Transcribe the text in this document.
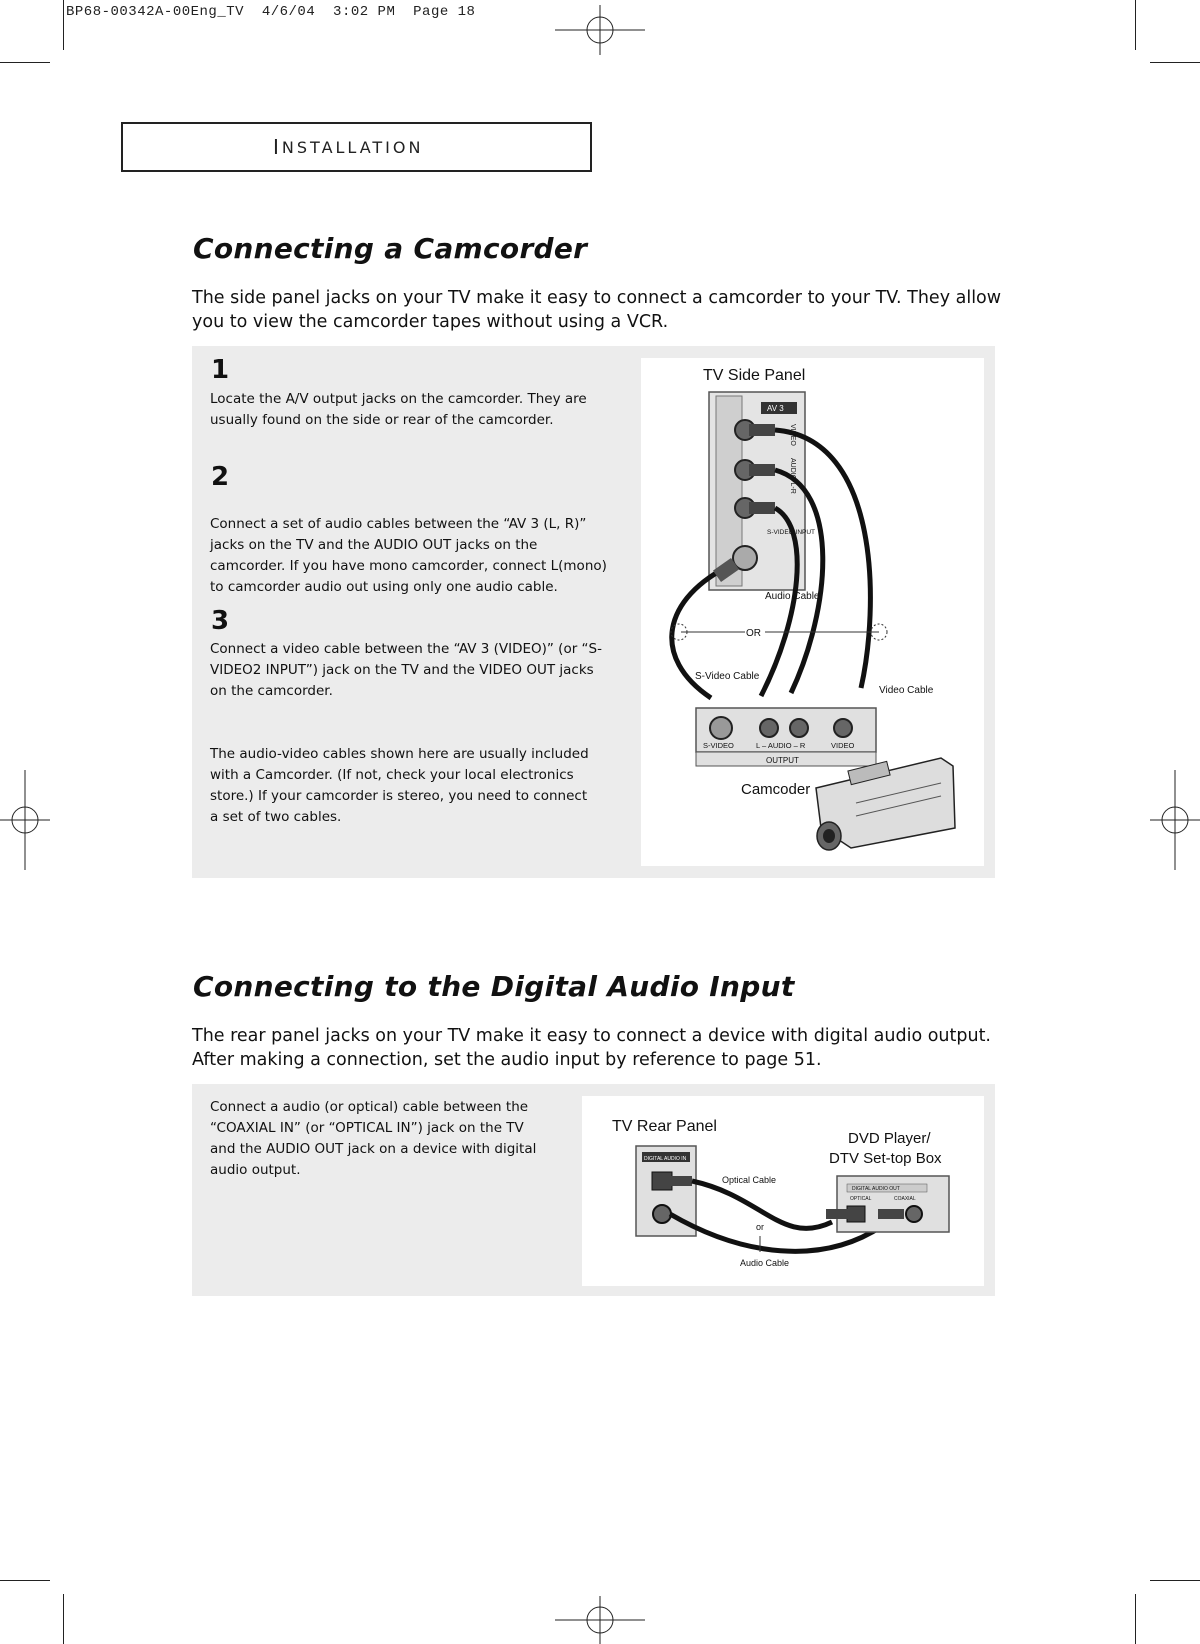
BP68-00342A-00Eng_TV  4/6/04  3:02 PM  Page 18
I NSTALLATION
Connecting a Camcorder

The side panel jacks on your TV make it easy to connect a camcorder to your TV. They allow you to view the camcorder tapes without using a VCR.

1

Locate the A/V output jacks on the camcorder. They are usually found on the side or rear of the camcorder.

2

Connect a set of audio cables between the “AV 3 (L, R)” jacks on the TV and the AUDIO OUT jacks on the camcorder. If you have mono camcorder, connect L(mono) to camcorder audio out using only one audio cable.

3

Connect a video cable between the “AV 3 (VIDEO)” (or “S-VIDEO2 INPUT”) jack on the TV and the VIDEO OUT jacks on the camcorder.

The audio-video cables shown here are usually included with a Camcorder. (If not, check your local electronics store.) If your camcorder is stereo, you need to connect a set of two cables.

TV Side Panel
AV 3
VIDEO
AUDIO-L-R
S-VIDEO INPUT
OR
Audio Cable
S-Video Cable
Video Cable
S-VIDEO	L – AUDIO – R	VIDEO
OUTPUT
Camcoder
Connecting to the Digital Audio Input

The rear panel jacks on your TV make it easy to connect a device with digital audio output. After making a connection, set the audio input by reference to page 51.

Connect a audio (or optical) cable between the “COAXIAL IN” (or “OPTICAL IN”) jack on the TV and the AUDIO OUT jack on a device with digital audio output.

TV Rear Panel
DVD Player/
DTV Set-top Box
DIGITAL AUDIO IN
Optical Cable
or
Audio Cable
DIGITAL AUDIO OUT
OPTICAL	COAXIAL
